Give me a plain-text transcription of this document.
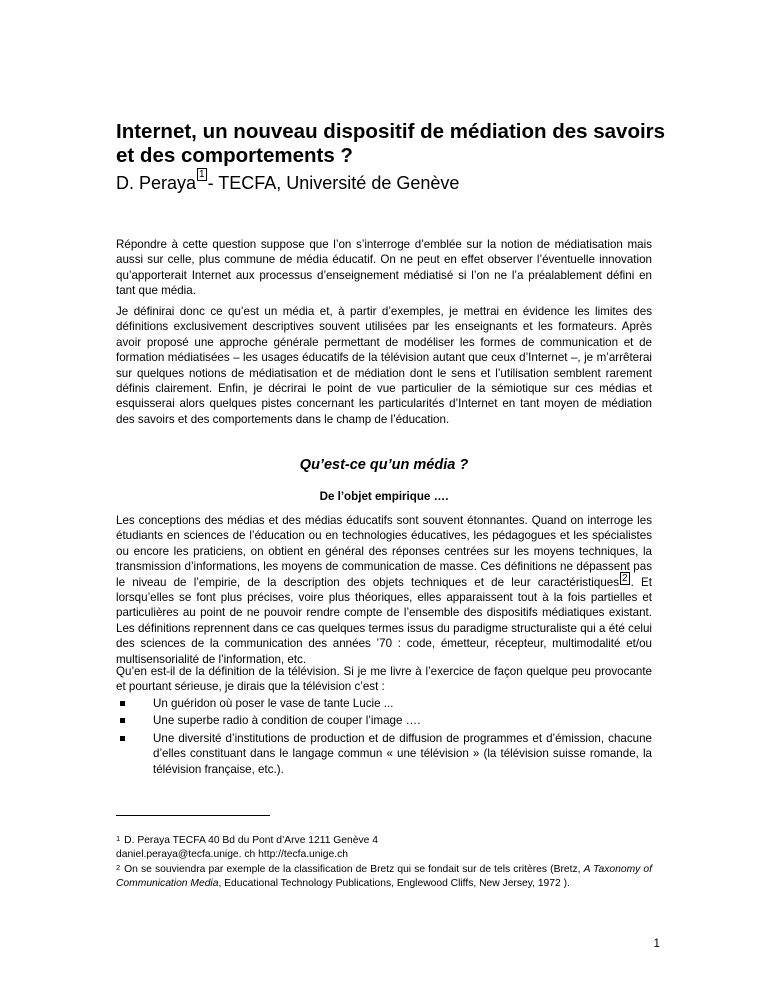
Internet, un nouveau dispositif de médiation des savoirs et des comportements ?

D. Peraya 1 - TECFA, Université de Genève

Répondre à cette question suppose que l’on s’interroge d’emblée sur la notion de médiatisation mais aussi sur celle, plus commune de média éducatif. On ne peut en effet observer l’éventuelle innovation qu’apporterait Internet aux processus d’enseignement médiatisé si l’on ne l’a préalablement défini en tant que média.

Je définirai donc ce qu’est un média et, à partir d’exemples, je mettrai en évidence les limites des définitions exclusivement descriptives souvent utilisées par les enseignants et les formateurs. Après avoir proposé une approche générale permettant de modéliser les formes de communication et de formation médiatisées – les usages éducatifs de la télévision autant que ceux d’Internet –, je m’arrêterai sur quelques notions de médiatisation et de médiation dont le sens et l’utilisation semblent rarement définis clairement. Enfin, je décrirai le point de vue particulier de la sémiotique sur ces médias et esquisserai alors quelques pistes concernant les particularités d’Internet en tant moyen de médiation des savoirs et des comportements dans le champ de l’éducation.

Qu’est-ce qu’un média ?
De l’objet empirique ….

Les conceptions des médias et des médias éducatifs sont souvent étonnantes. Quand on interroge les étudiants en sciences de l’éducation ou en technologies éducatives, les pédagogues et les spécialistes ou encore les praticiens, on obtient en général des réponses centrées sur les moyens techniques, la transmission d’informations, les moyens de communication de masse. Ces définitions ne dépassent pas le niveau de l’empirie, de la description des objets techniques et de leur caractéristiques 2 . Et lorsqu’elles se font plus précises, voire plus théoriques, elles apparaissent tout à la fois partielles et particulières au point de ne pouvoir rendre compte de l’ensemble des dispositifs médiatiques existant. Les définitions reprennent dans ce cas quelques termes issus du paradigme structuraliste qui a été celui des sciences de la communication des années ’70 : code, émetteur, récepteur, multimodalité et/ou multisensorialité de l’information, etc.

Qu’en est-il de la définition de la télévision. Si je me livre à l’exercice de façon quelque peu provocante et pourtant sérieuse, je dirais que la télévision c’est :

Un guéridon où poser le vase de tante Lucie ...
Une superbe radio à condition de couper l’image ….
Une diversité d’institutions de production et de diffusion de programmes et d’émission, chacune d’elles constituant dans le langage commun « une télévision » (la télévision suisse romande, la télévision française, etc.).

$^1$ D. Peraya TECFA 40 Bd du Pont d’Arve 1211 Genève 4
daniel.peraya@tecfa.unige. ch http://tecfa.unige.ch

$^2$ On se souviendra par exemple de la classification de Bretz qui se fondait sur de tels critères (Bretz, A Taxonomy of Communication Media, Educational Technology Publications, Englewood Cliffs, New Jersey, 1972 ).

1
